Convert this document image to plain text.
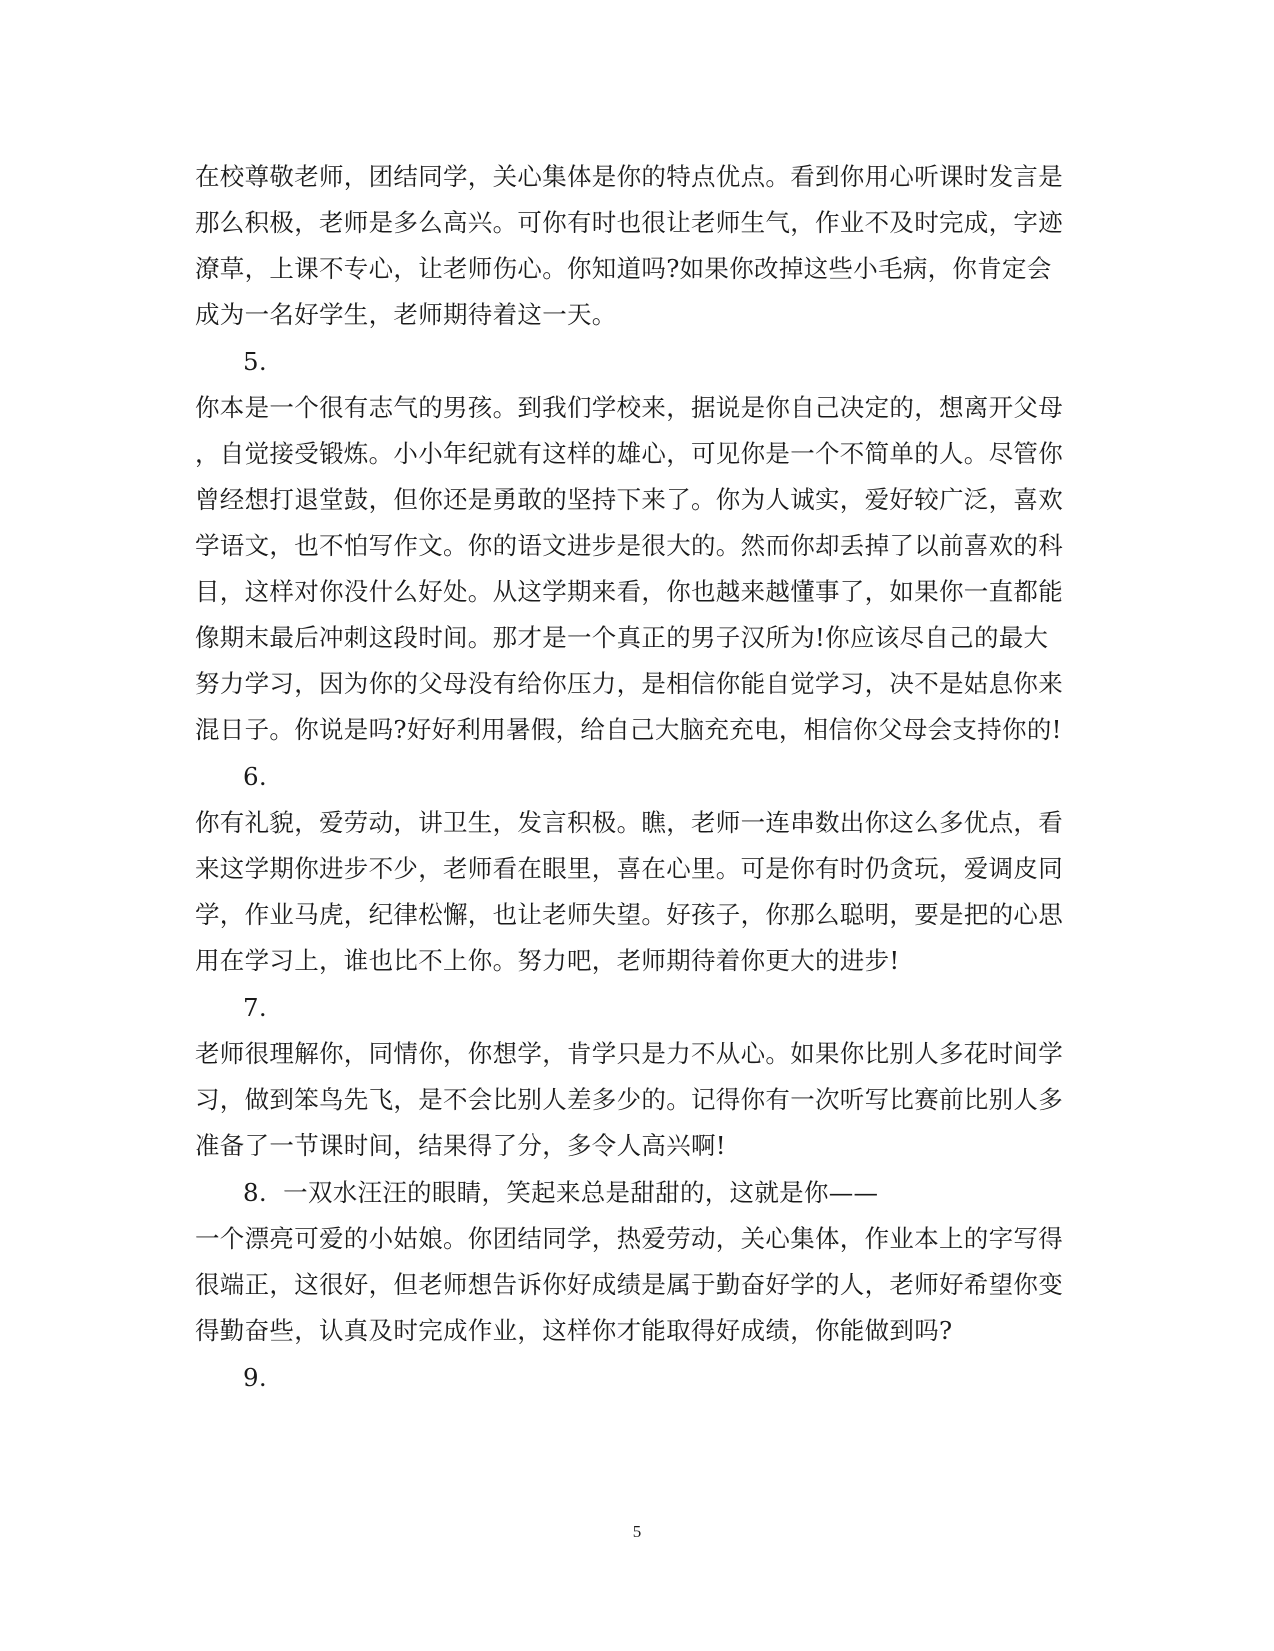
在校尊敬老师，团结同学，关心集体是你的特点优点。看到你用心听课时发言是
那么积极，老师是多么高兴。可你有时也很让老师生气，作业不及时完成，字迹
潦草，上课不专心，让老师伤心。你知道吗?如果你改掉这些小毛病，你肯定会
成为一名好学生，老师期待着这一天。
5.
你本是一个很有志气的男孩。到我们学校来，据说是你自己决定的，想离开父母
，自觉接受锻炼。小小年纪就有这样的雄心，可见你是一个不简单的人。尽管你
曾经想打退堂鼓，但你还是勇敢的坚持下来了。你为人诚实，爱好较广泛，喜欢
学语文，也不怕写作文。你的语文进步是很大的。然而你却丢掉了以前喜欢的科
目，这样对你没什么好处。从这学期来看，你也越来越懂事了，如果你一直都能
像期末最后冲刺这段时间。那才是一个真正的男子汉所为!你应该尽自己的最大
努力学习，因为你的父母没有给你压力，是相信你能自觉学习，决不是姑息你来
混日子。你说是吗?好好利用暑假，给自己大脑充充电，相信你父母会支持你的!
6.
你有礼貌，爱劳动，讲卫生，发言积极。瞧，老师一连串数出你这么多优点，看
来这学期你进步不少，老师看在眼里，喜在心里。可是你有时仍贪玩，爱调皮同
学，作业马虎，纪律松懈，也让老师失望。好孩子，你那么聪明，要是把的心思
用在学习上，谁也比不上你。努力吧，老师期待着你更大的进步!
7.
老师很理解你，同情你，你想学，肯学只是力不从心。如果你比别人多花时间学
习，做到笨鸟先飞，是不会比别人差多少的。记得你有一次听写比赛前比别人多
准备了一节课时间，结果得了分，多令人高兴啊!
8.  一双水汪汪的眼睛，笑起来总是甜甜的，这就是你——
一个漂亮可爱的小姑娘。你团结同学，热爱劳动，关心集体，作业本上的字写得
很端正，这很好，但老师想告诉你好成绩是属于勤奋好学的人，老师好希望你变
得勤奋些，认真及时完成作业，这样你才能取得好成绩，你能做到吗?
9.
5
